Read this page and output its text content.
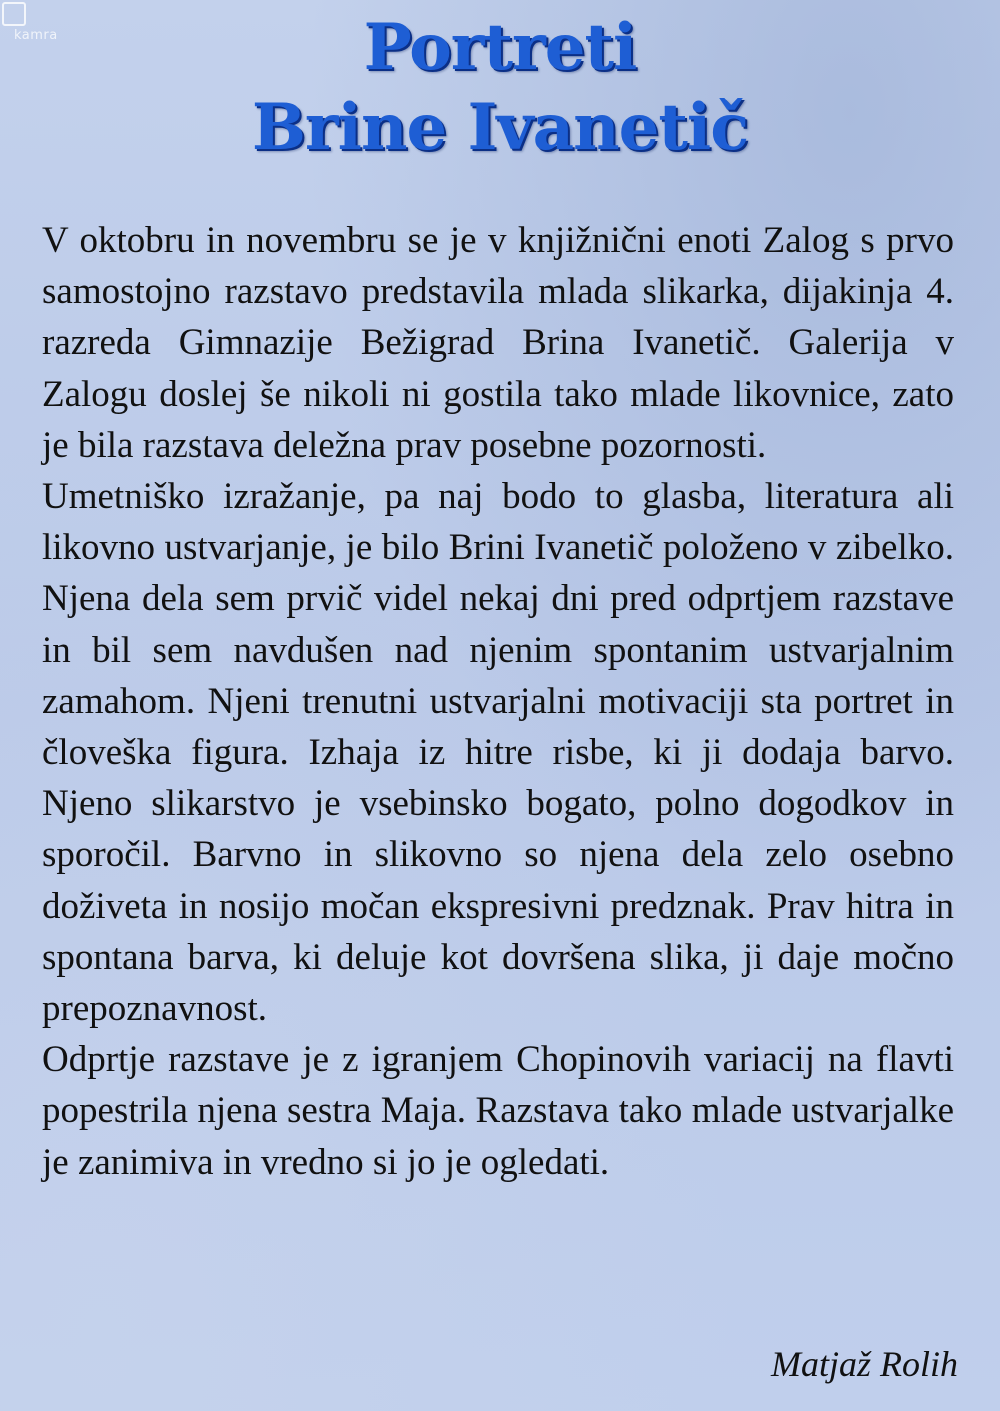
kamra	Portreti
Brine Ivanetič

V oktobru in novembru se je v knjižnični enoti Zalog s prvo samostojno razstavo predstavila mlada slikarka, dijakinja 4. razreda Gimnazije Bežigrad Brina Ivanetič. Galerija v Zalogu doslej še nikoli ni gostila tako mlade likovnice, zato je bila razstava deležna prav posebne pozornosti.

Umetniško izražanje, pa naj bodo to glasba, literatura ali likovno ustvarjanje, je bilo Brini Ivanetič položeno v zibelko. Njena dela sem prvič videl nekaj dni pred odprtjem razstave in bil sem navdušen nad njenim spontanim ustvarjalnim zamahom. Njeni trenutni ustvarjalni motivaciji sta portret in človeška figura. Izhaja iz hitre risbe, ki ji dodaja barvo. Njeno slikarstvo je vsebinsko bogato, polno dogodkov in sporočil. Barvno in slikovno so njena dela zelo osebno doživeta in nosijo močan ekspresivni predznak. Prav hitra in spontana barva, ki deluje kot dovršena slika, ji daje močno prepoznavnost.

Odprtje razstave je z igranjem Chopinovih variacij na flavti popestrila njena sestra Maja. Razstava tako mlade ustvarjalke je zanimiva in vredno si jo je ogledati.

Matjaž Rolih
